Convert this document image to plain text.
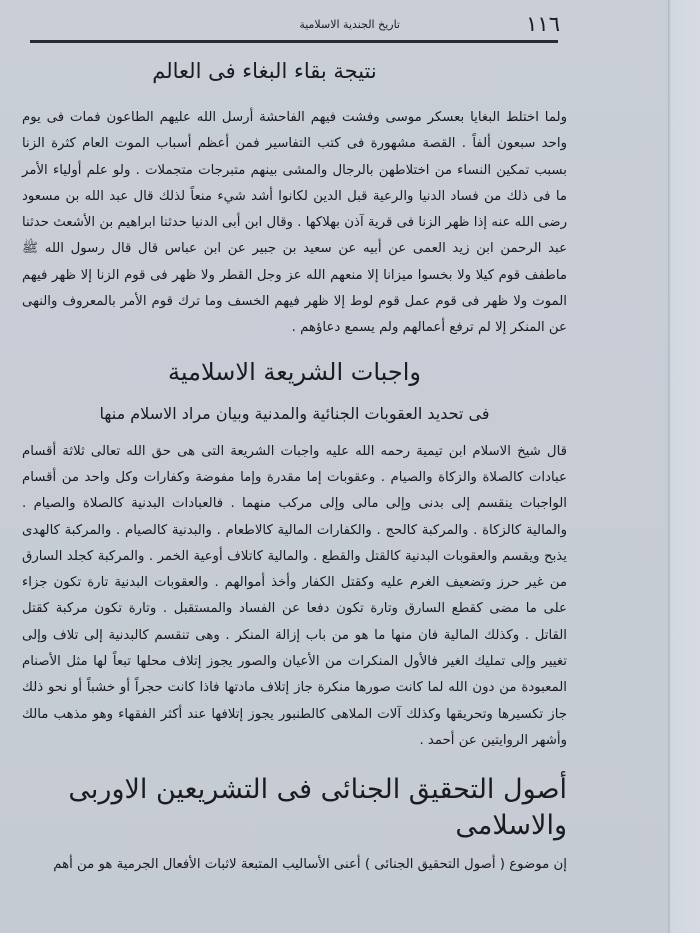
١١٦
تاريخ الجندية الاسلامية
نتيجة بقاء البغاء فى العالم

ولما اختلط البغايا بعسكر موسى وفشت فيهم الفاحشة أرسل الله عليهم الطاعون فمات فى يوم واحد سبعون ألفاً . القصة مشهورة فى كتب التفاسير فمن أعظم أسباب الموت العام كثرة الزنا بسبب تمكين النساء من اختلاطهن بالرجال والمشى بينهم متبرجات متجملات . ولو علم أولياء الأمر ما فى ذلك من فساد الدنيا والرعية قبل الدين لكانوا أشد شيء منعاً لذلك قال عبد الله بن مسعود رضى الله عنه إذا ظهر الزنا فى قرية آذن بهلاكها . وقال ابن أبى الدنيا حدثنا ابراهيم بن الأشعث حدثنا عبد الرحمن ابن زيد العمى عن أبيه عن سعيد بن جبير عن ابن عباس قال قال رسول الله ﷺ ماطفف قوم كيلا ولا بخسوا ميزانا إلا منعهم الله عز وجل القطر ولا ظهر فى قوم الزنا إلا ظهر فيهم الموت ولا ظهر فى قوم عمل قوم لوط إلا ظهر فيهم الخسف وما ترك قوم الأمر بالمعروف والنهى عن المنكر إلا لم ترفع أعمالهم ولم يسمع دعاؤهم .

واجبات الشريعة الاسلامية
فى تحديد العقوبات الجنائية والمدنية وبيان مراد الاسلام منها

قال شيخ الاسلام ابن تيمية رحمه الله عليه واجبات الشريعة التى هى حق الله تعالى ثلاثة أقسام عبادات كالصلاة والزكاة والصيام . وعقوبات إما مقدرة وإما مفوضة وكفارات وكل واحد من أقسام الواجبات ينقسم إلى بدنى وإلى مالى وإلى مركب منهما . فالعبادات البدنية كالصلاة والصيام . والمالية كالزكاة . والمركبة كالحج . والكفارات المالية كالاطعام . والبدنية كالصيام . والمركبة كالهدى يذبح ويقسم والعقوبات البدنية كالقتل والقطع . والمالية كاتلاف أوعية الخمر . والمركبة كجلد السارق من غير حرز وتضعيف الغرم عليه وكقتل الكفار وأخذ أموالهم . والعقوبات البدنية تارة تكون جزاء على ما مضى كقطع السارق وتارة تكون دفعا عن الفساد والمستقبل . وتارة تكون مركبة كقتل القاتل . وكذلك المالية فان منها ما هو من باب إزالة المنكر . وهى تنقسم كالبدنية إلى تلاف وإلى تغيير وإلى تمليك الغير فالأول المنكرات من الأعيان والصور يجوز إتلاف محلها تبعاً لها مثل الأصنام المعبودة من دون الله لما كانت صورها منكرة جاز إتلاف مادتها فاذا كانت حجراً أو خشباً أو نحو ذلك جاز تكسيرها وتحريقها وكذلك آلات الملاهى كالطنبور يجوز إتلافها عند أكثر الفقهاء وهو مذهب مالك وأشهر الروايتين عن أحمد .

أصول التحقيق الجنائى فى التشريعين الاوربى والاسلامى

إن موضوع ( أصول التحقيق الجنائى ) أعنى الأساليب المتبعة لاثبات الأفعال الجرمية هو من أهم
